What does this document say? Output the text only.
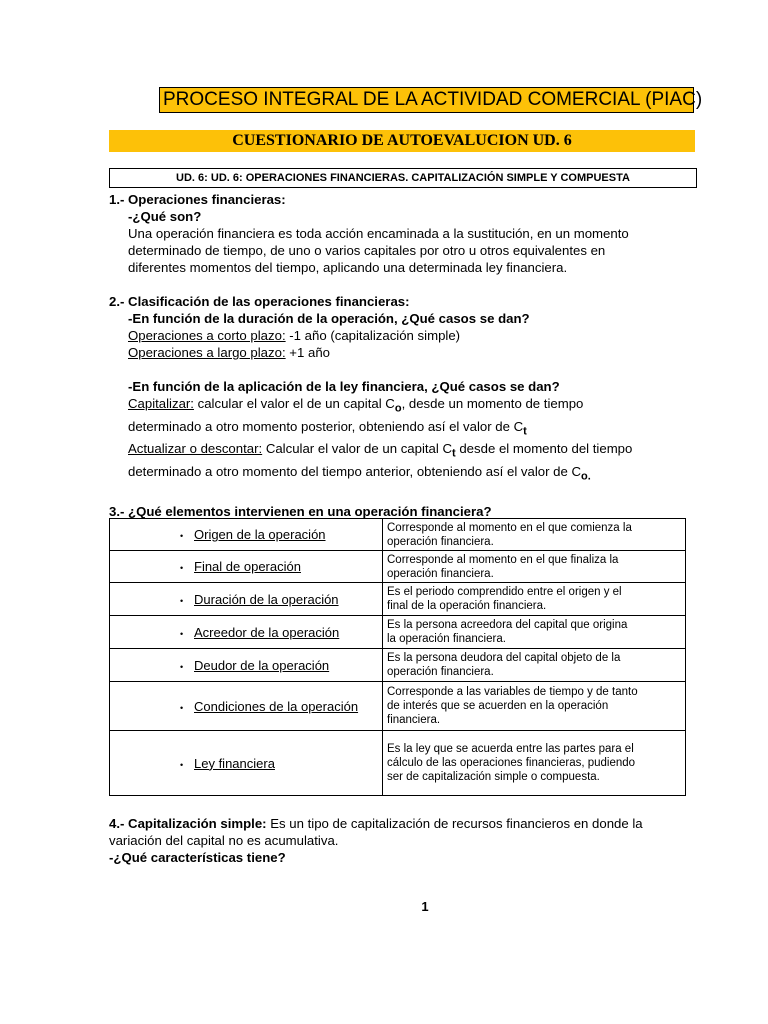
PROCESO INTEGRAL DE LA ACTIVIDAD COMERCIAL (PIAC)
CUESTIONARIO DE AUTOEVALUCION UD. 6
UD. 6: UD. 6: OPERACIONES FINANCIERAS. CAPITALIZACIÓN SIMPLE Y COMPUESTA

1.- Operaciones financieras:

-¿Qué son?

Una operación financiera es toda acción encaminada a la sustitución, en un momento

determinado de tiempo, de uno o varios capitales por otro u otros equivalentes en

diferentes momentos del tiempo, aplicando una determinada ley financiera.

2.- Clasificación de las operaciones financieras:

-En función de la duración de la operación, ¿Qué casos se dan?

Operaciones a corto plazo: -1 año (capitalización simple)

Operaciones a largo plazo: +1 año

-En función de la aplicación de la ley financiera, ¿Qué casos se dan?

Capitalizar: calcular el valor el de un capital $C_o$, desde un momento de tiempo

determinado a otro momento posterior, obteniendo así el valor de $C_t$

Actualizar o descontar: Calcular el valor de un capital $C_t$ desde el momento del tiempo

determinado a otro momento del tiempo anterior, obteniendo así el valor de $C_{o.}$

3.- ¿Qué elementos intervienen en una operación financiera?

• Origen de la operación	Corresponde al momento en el que comienza la
operación financiera.

• Final de operación	Corresponde al momento en el que finaliza la
operación financiera.

• Duración de la operación	Es el periodo comprendido entre el origen y el
final de la operación financiera.

• Acreedor de la operación	Es la persona acreedora del capital que origina
la operación financiera.

• Deudor de la operación	Es la persona deudora del capital objeto de la
operación financiera.

• Condiciones de la operación	Corresponde a las variables de tiempo y de tanto
de interés que se acuerden en la operación
financiera.

• Ley financiera	Es la ley que se acuerda entre las partes para el
cálculo de las operaciones financieras, pudiendo
ser de capitalización simple o compuesta.

4.- Capitalización simple: Es un tipo de capitalización de recursos financieros en donde la

variación del capital no es acumulativa.

-¿Qué características tiene?

1
